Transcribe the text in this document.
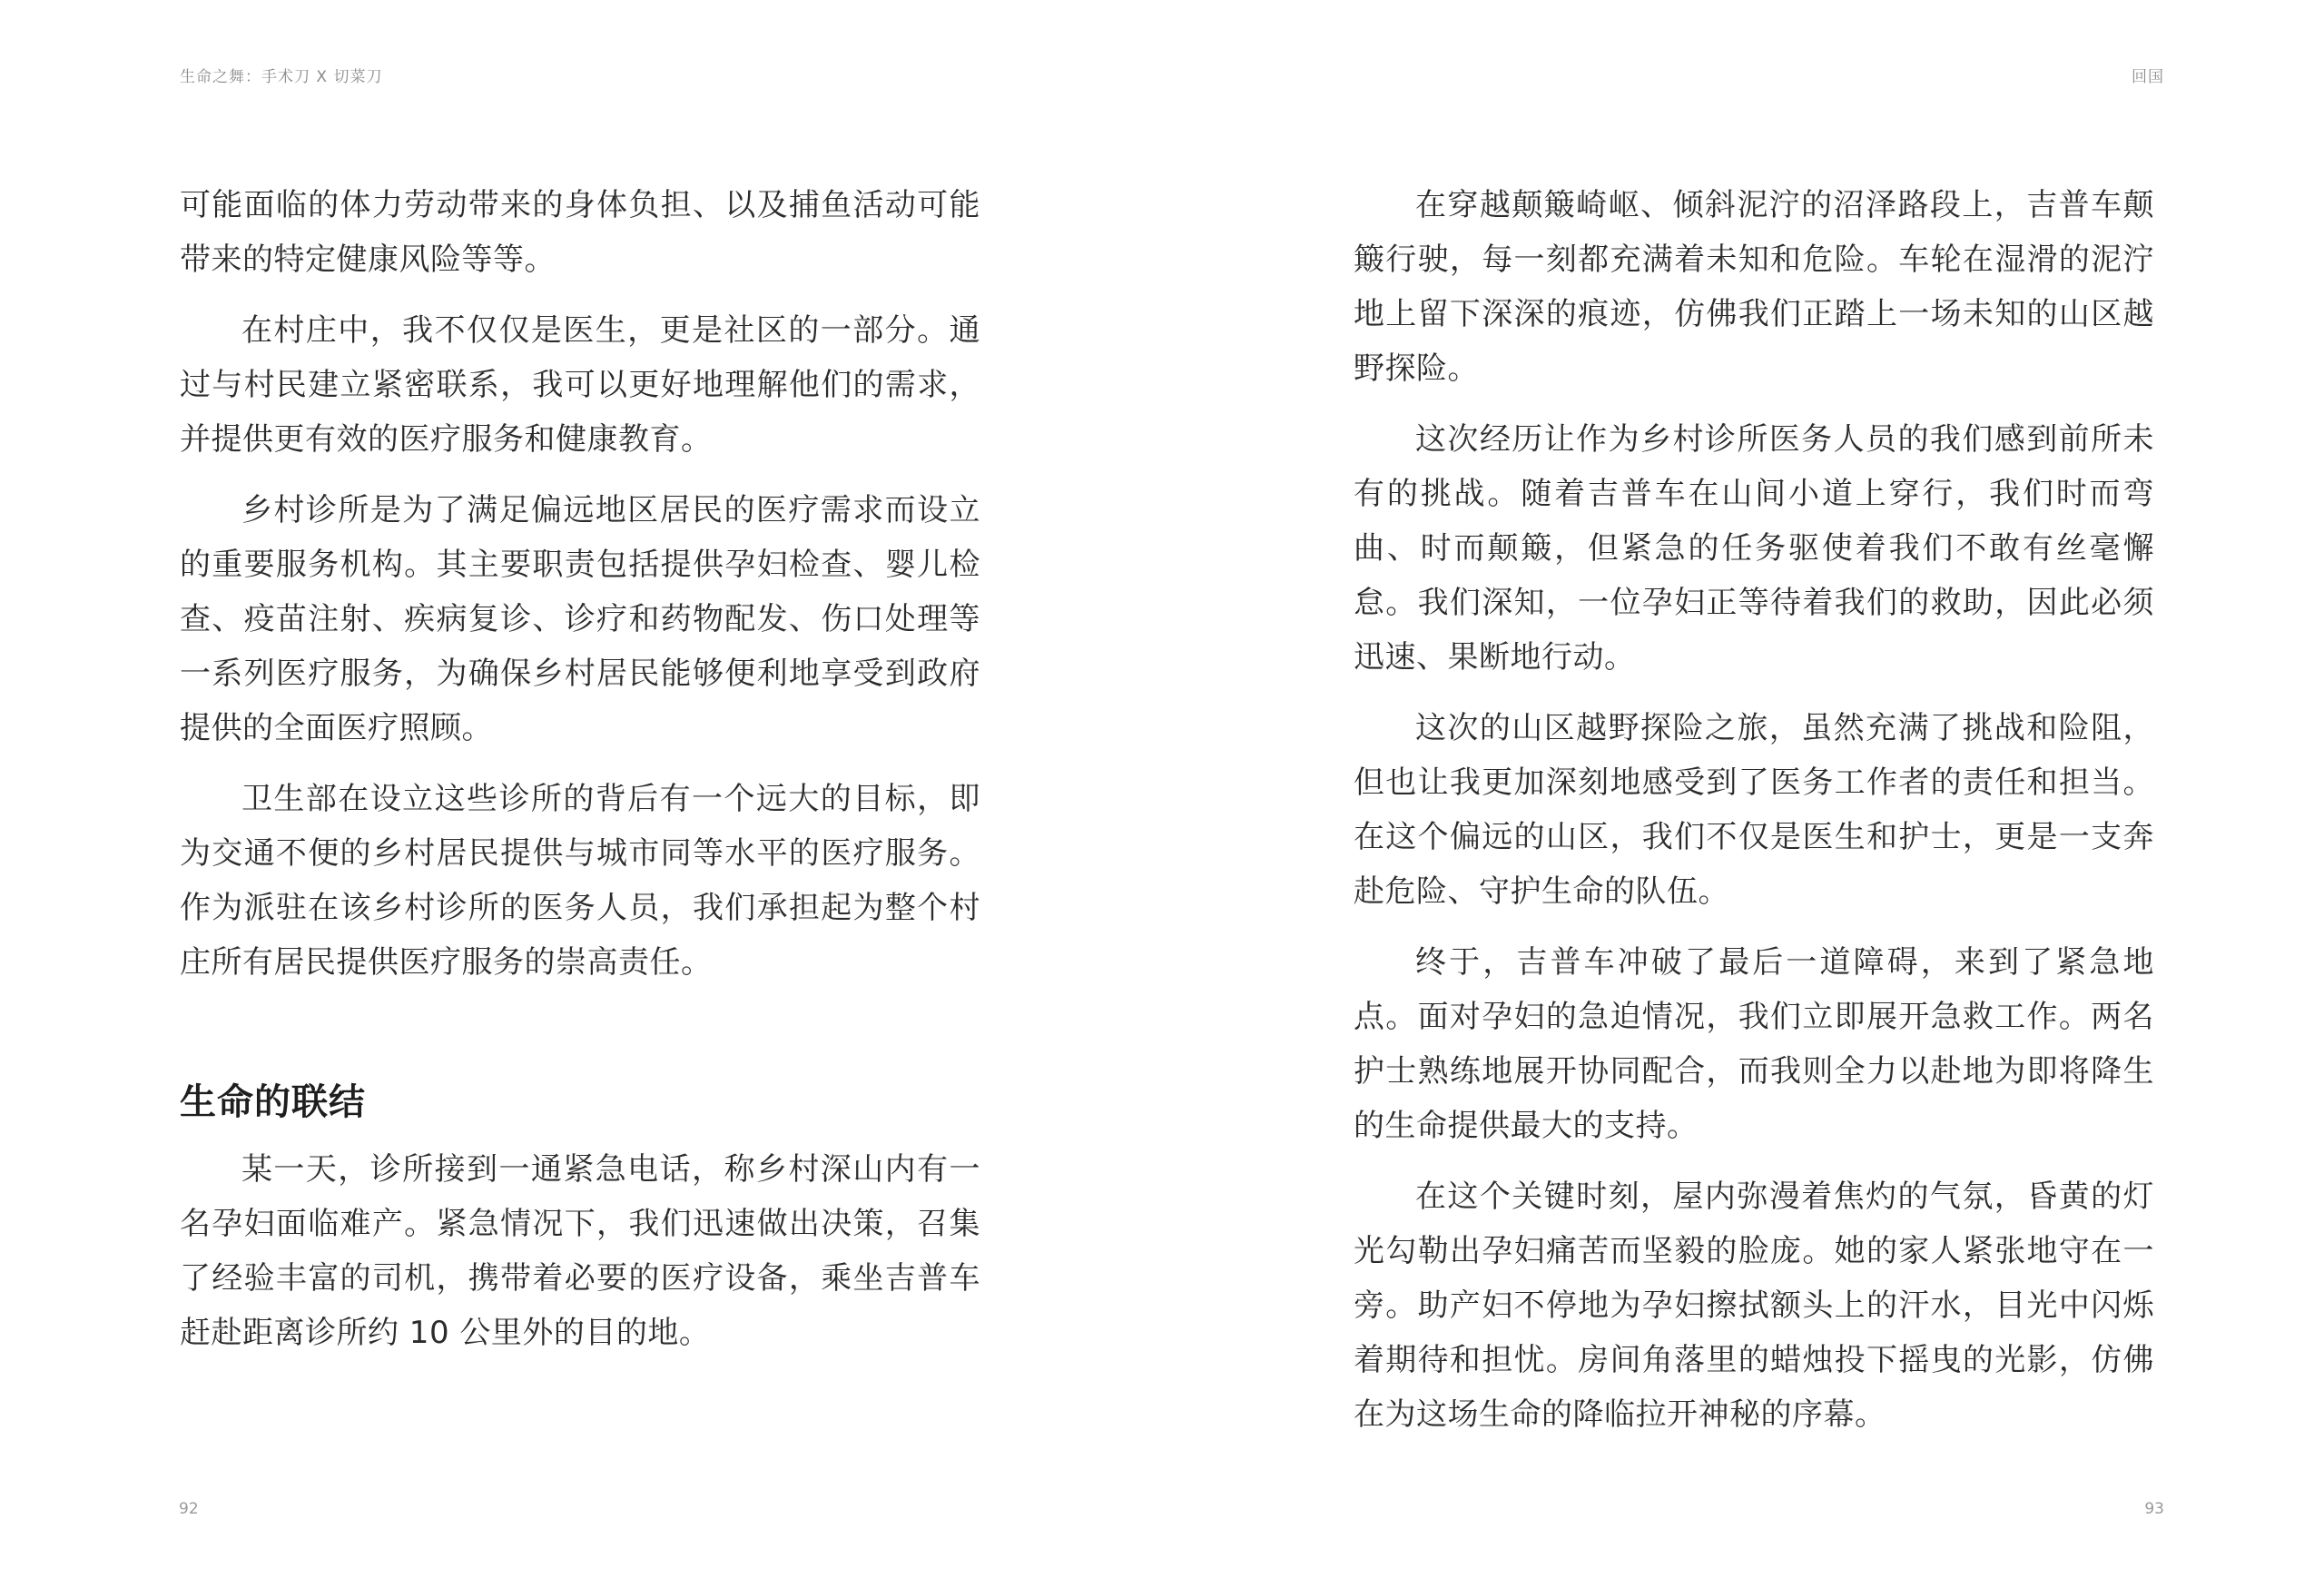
生命之舞：手术刀 X 切菜刀

可能面临的体力劳动带来的身体负担、以及捕鱼活动可能带来的特定健康风险等等。

在村庄中，我不仅仅是医生，更是社区的一部分。通过与村民建立紧密联系，我可以更好地理解他们的需求，并提供更有效的医疗服务和健康教育。

乡村诊所是为了满足偏远地区居民的医疗需求而设立的重要服务机构。其主要职责包括提供孕妇检查、婴儿检查、疫苗注射、疾病复诊、诊疗和药物配发、伤口处理等一系列医疗服务，为确保乡村居民能够便利地享受到政府提供的全面医疗照顾。

卫生部在设立这些诊所的背后有一个远大的目标，即为交通不便的乡村居民提供与城市同等水平的医疗服务。作为派驻在该乡村诊所的医务人员，我们承担起为整个村庄所有居民提供医疗服务的崇高责任。

生命的联结

某一天，诊所接到一通紧急电话，称乡村深山内有一名孕妇面临难产。紧急情况下，我们迅速做出决策，召集了经验丰富的司机，携带着必要的医疗设备，乘坐吉普车赶赴距离诊所约 10 公里外的目的地。

92
回国

在穿越颠簸崎岖、倾斜泥泞的沼泽路段上，吉普车颠簸行驶，每一刻都充满着未知和危险。车轮在湿滑的泥泞地上留下深深的痕迹，仿佛我们正踏上一场未知的山区越野探险。

这次经历让作为乡村诊所医务人员的我们感到前所未有的挑战。随着吉普车在山间小道上穿行，我们时而弯曲、时而颠簸，但紧急的任务驱使着我们不敢有丝毫懈怠。我们深知，一位孕妇正等待着我们的救助，因此必须迅速、果断地行动。

这次的山区越野探险之旅，虽然充满了挑战和险阻，但也让我更加深刻地感受到了医务工作者的责任和担当。在这个偏远的山区，我们不仅是医生和护士，更是一支奔赴危险、守护生命的队伍。

终于，吉普车冲破了最后一道障碍，来到了紧急地点。面对孕妇的急迫情况，我们立即展开急救工作。两名护士熟练地展开协同配合，而我则全力以赴地为即将降生的生命提供最大的支持。

在这个关键时刻，屋内弥漫着焦灼的气氛，昏黄的灯光勾勒出孕妇痛苦而坚毅的脸庞。她的家人紧张地守在一旁。助产妇不停地为孕妇擦拭额头上的汗水，目光中闪烁着期待和担忧。房间角落里的蜡烛投下摇曳的光影，仿佛在为这场生命的降临拉开神秘的序幕。

93
